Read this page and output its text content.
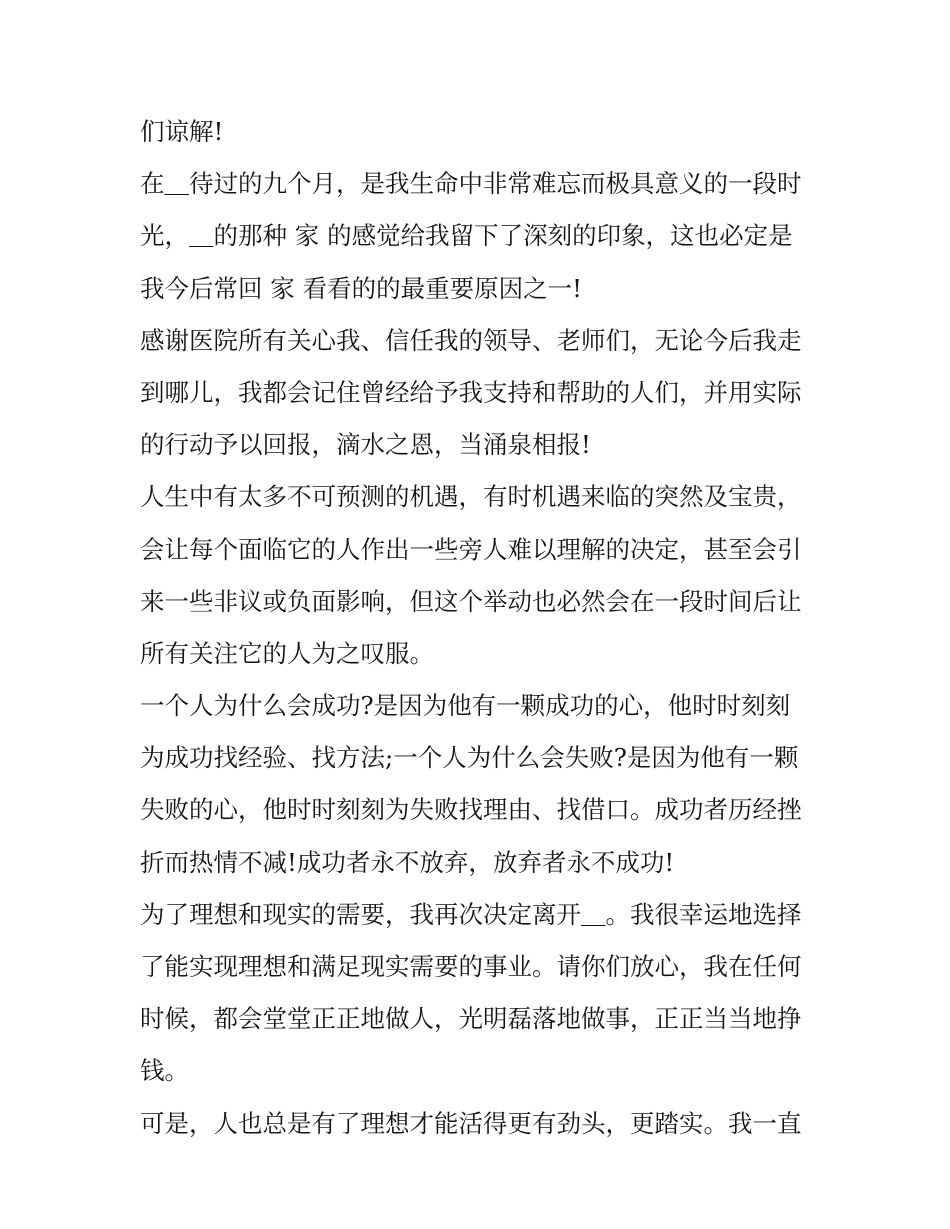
们谅解!
在＿待过的九个月，是我生命中非常难忘而极具意义的一段时
光，＿的那种 家 的感觉给我留下了深刻的印象，这也必定是
我今后常回 家 看看的的最重要原因之一!
感谢医院所有关心我、信任我的领导、老师们，无论今后我走
到哪儿，我都会记住曾经给予我支持和帮助的人们，并用实际
的行动予以回报，滴水之恩，当涌泉相报!
人生中有太多不可预测的机遇，有时机遇来临的突然及宝贵，
会让每个面临它的人作出一些旁人难以理解的决定，甚至会引
来一些非议或负面影响，但这个举动也必然会在一段时间后让
所有关注它的人为之叹服。
一个人为什么会成功?是因为他有一颗成功的心，他时时刻刻
为成功找经验、找方法;一个人为什么会失败?是因为他有一颗
失败的心，他时时刻刻为失败找理由、找借口。成功者历经挫
折而热情不减!成功者永不放弃，放弃者永不成功!
为了理想和现实的需要，我再次决定离开＿。我很幸运地选择
了能实现理想和满足现实需要的事业。请你们放心，我在任何
时候，都会堂堂正正地做人，光明磊落地做事，正正当当地挣
钱。
可是，人也总是有了理想才能活得更有劲头，更踏实。我一直
